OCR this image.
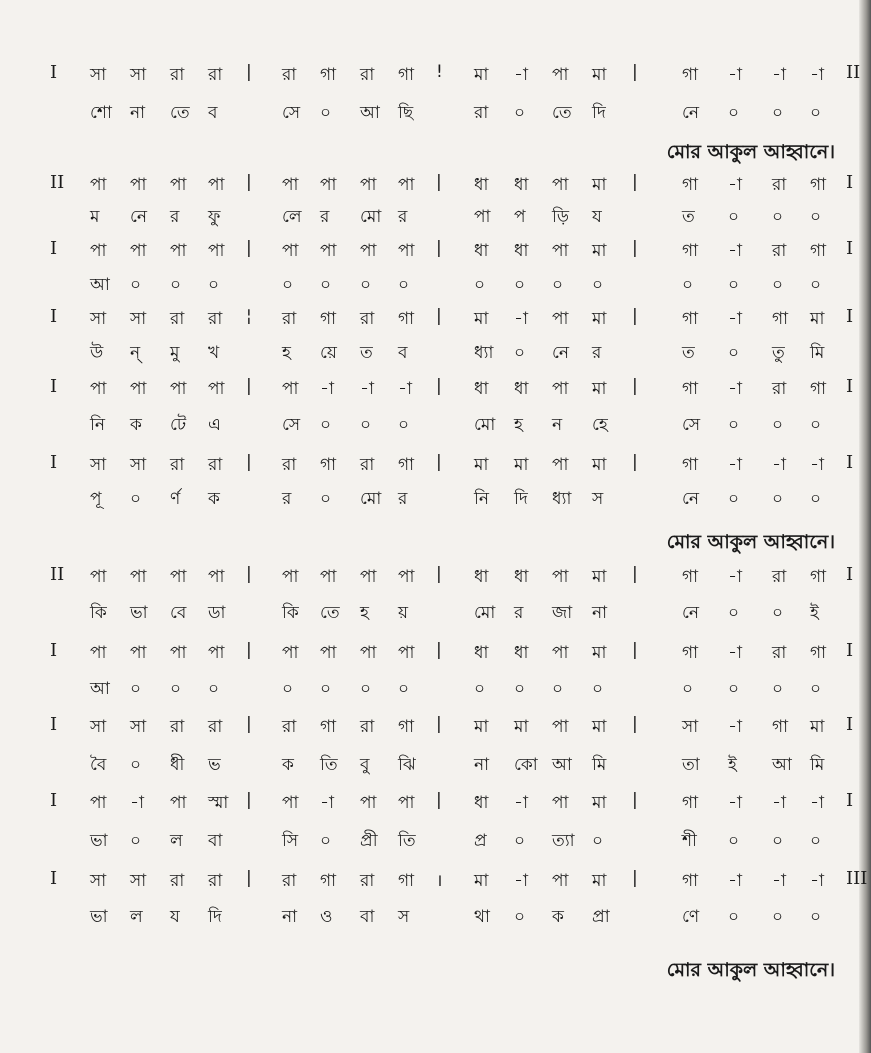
I সা সা রা রা | রা গা রা গা ! মা -া পা মা |	গা -া -া -া II
শো না তে ব	সে ০ আ ছি	রা ০ তে দি	নে ০ ০ ০
মোর আকুল আহ্বানে।
II পা পা পা পা | পা পা পা পা | ধা ধা পা মা |	গা -া রা গা I
ম নে র ফু	লে র মো র	পা প ড়ি য	ত ০ ০ ০
I পা পা পা পা | পা পা পা পা | ধা ধা পা মা |	গা -া রা গা I
আ ০ ০ ০	০ ০ ০ ০	০ ০ ০ ০	০ ০ ০ ০
I সা সা রা রা ¦ রা গা রা গা | মা -া পা মা |	গা -া গা মা I
উ ন্ মু খ	হ য়ে ত ব	ধ্যা ০ নে র	ত ০ তু মি
I পা পা পা পা | পা -া -া -া | ধা ধা পা মা |	গা -া রা গা I
নি ক টে এ	সে ০ ০ ০	মো হ ন হে	সে ০ ০ ০
I সা সা রা রা | রা গা রা গা | মা মা পা মা |	গা -া -া -া I
পূ ০ র্ণ ক	র ০ মো র	নি দি ধ্যা স	নে ০ ০ ০
মোর আকুল আহ্বানে।
II পা পা পা পা | পা পা পা পা | ধা ধা পা মা |	গা -া রা গা I
কি ভা বে ডা	কি তে হ য়	মো র জা না	নে ০ ০ ই
I পা পা পা পা | পা পা পা পা | ধা ধা পা মা |	গা -া রা গা I
আ ০ ০ ০	০ ০ ০ ০	০ ০ ০ ০	০ ০ ০ ০
I সা সা রা রা | রা গা রা গা | মা মা পা মা |	সা -া গা মা I
বৈ ০ ধী ভ	ক তি বু ঝি	না কো আ মি	তা ই আ মি
I পা -া পা স্মা | পা -া পা পা | ধা -া পা মা |	গা -া -া -া I
ভা ০ ল বা	সি ০ প্রী তি	প্র ০ ত্যা ০	শী ০ ০ ০
I সা সা রা রা | রা গা রা গা । মা -া পা মা |	গা -া -া -া III
ভা ল য দি	না ও বা স	থা ০ ক প্রা	ণে ০ ০ ০
মোর আকুল আহ্বানে।
